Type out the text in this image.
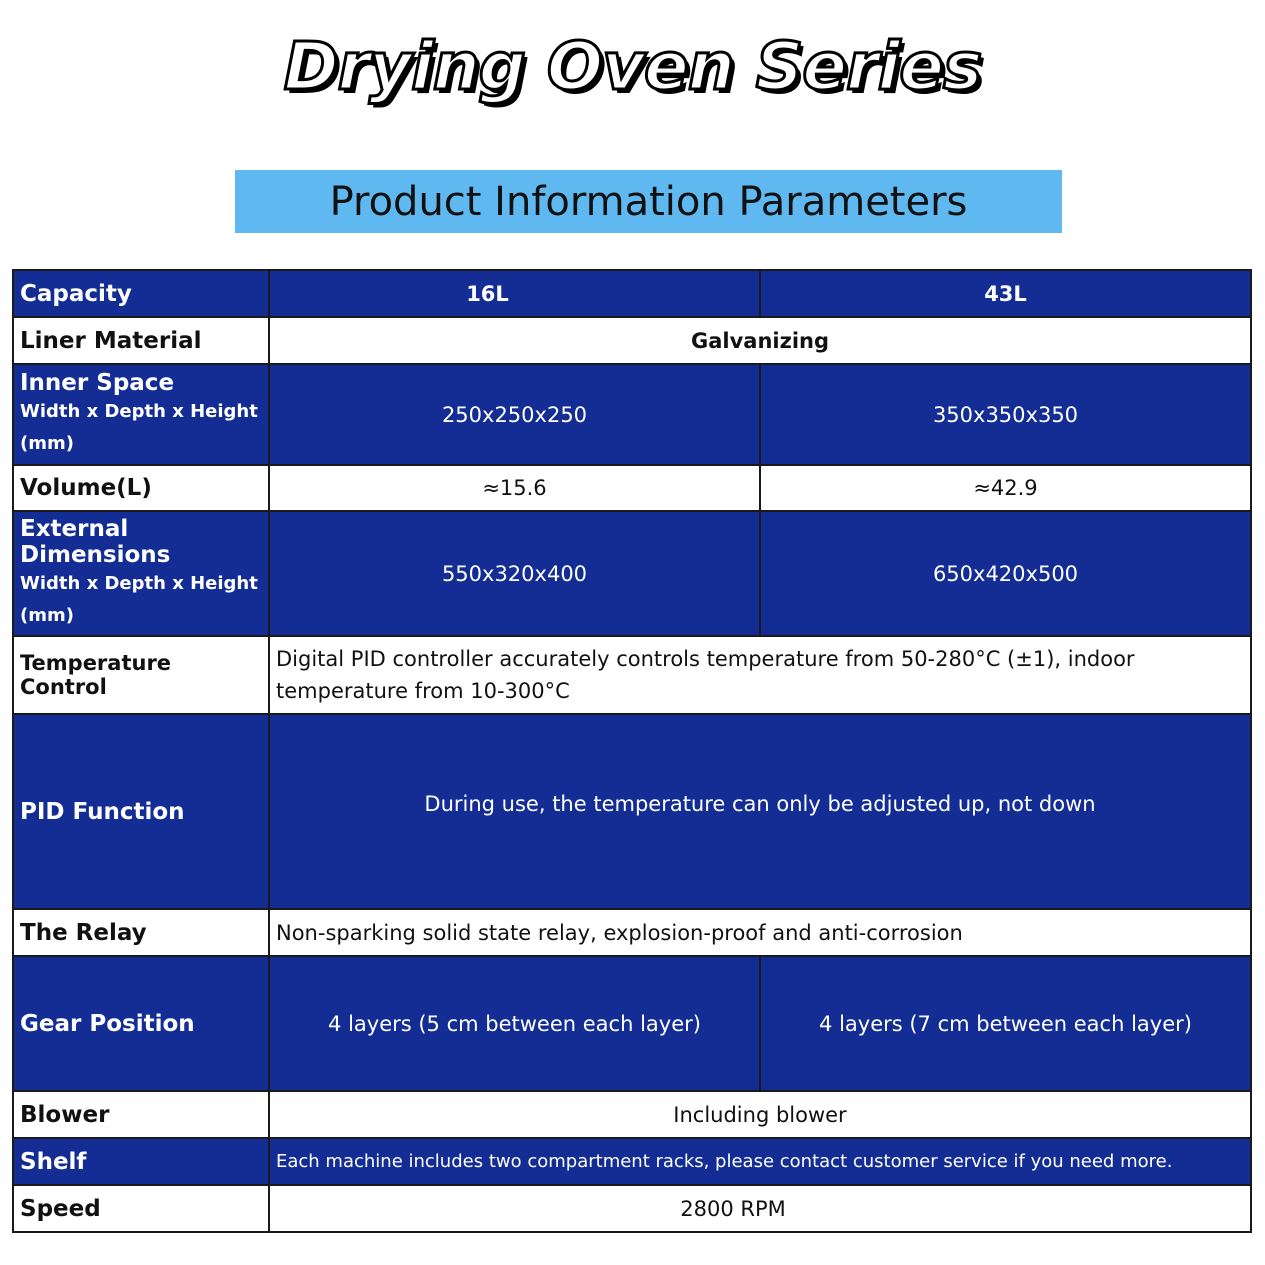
Drying Oven Series
Product Information Parameters
Capacity	16L	43L
Liner Material	Galvanizing	

Inner Space
Width x Depth x Height
(mm)	250x250x250	350x350x350
Volume(L)	≈15.6	≈42.9

External Dimensions
Width x Depth x Height
(mm)	550x320x400	650x420x500
Temperature Control	Digital PID controller accurately controls temperature from 50-280°C (±1), indoor temperature from 10-300°C	
PID Function	During use, the temperature can only be adjusted up, not down	
The Relay	Non-sparking solid state relay, explosion-proof and anti-corrosion	
Gear Position	4 layers (5 cm between each layer)	4 layers (7 cm between each layer)
Blower	Including blower	
Shelf	Each machine includes two compartment racks, please contact customer service if you need more.	
Speed	2800 RPM	
